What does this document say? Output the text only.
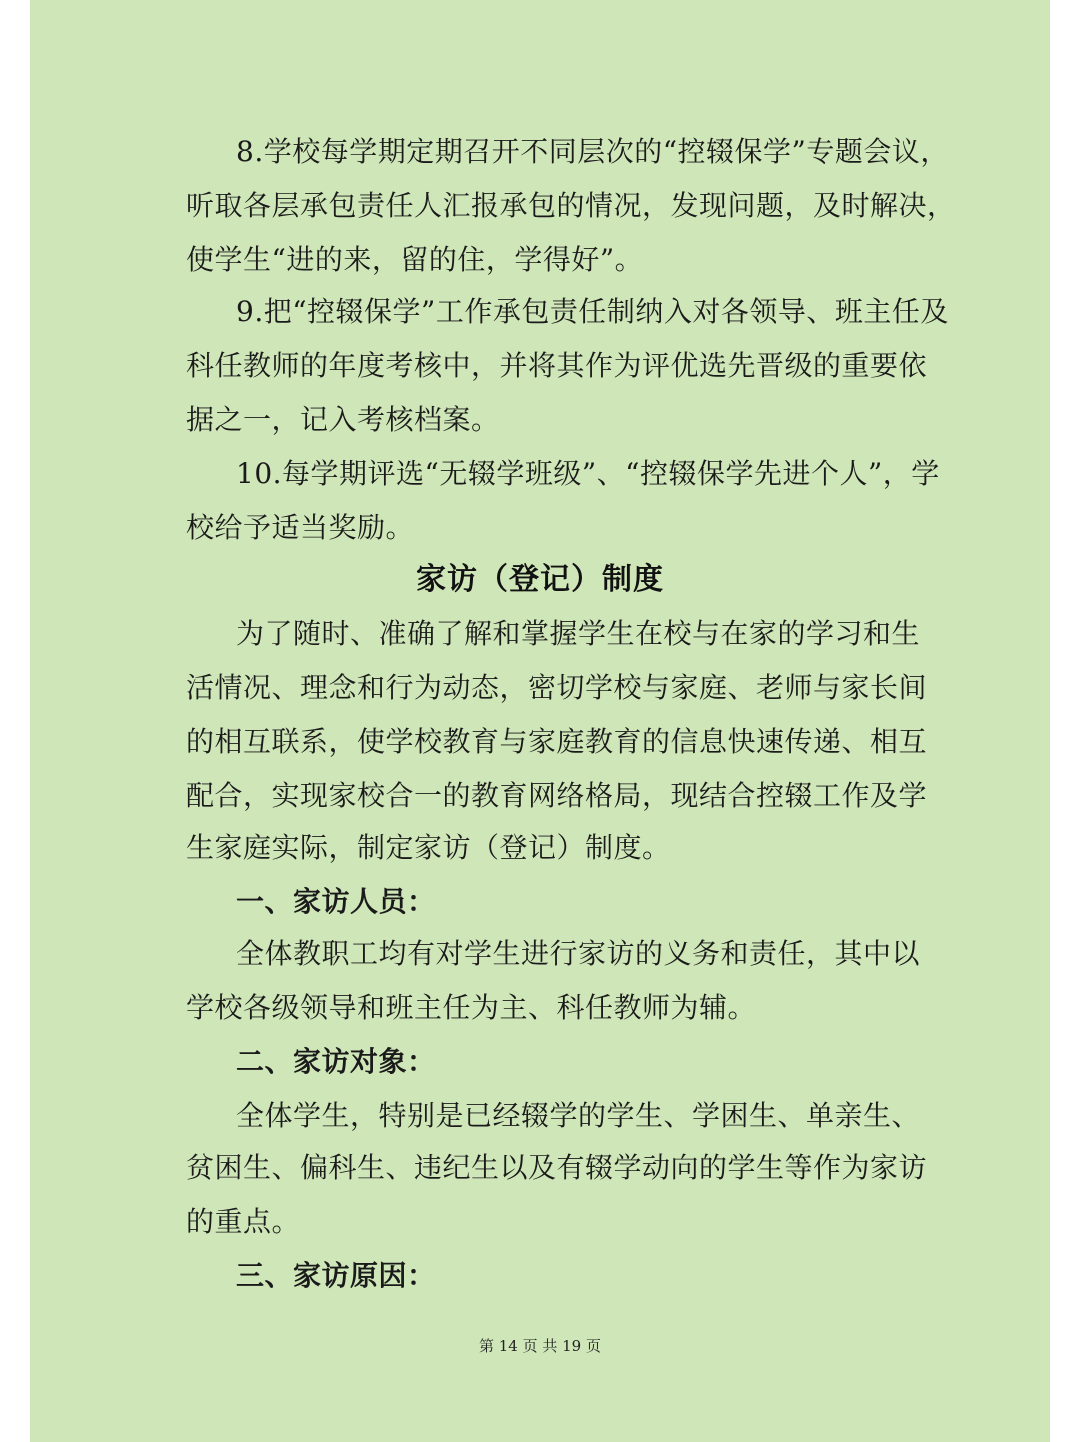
8.学校每学期定期召开不同层次的“控辍保学”专题会议，

听取各层承包责任人汇报承包的情况，发现问题，及时解决，

使学生“进的来，留的住，学得好”。

9.把“控辍保学”工作承包责任制纳入对各领导、班主任及

科任教师的年度考核中，并将其作为评优选先晋级的重要依

据之一，记入考核档案。

10.每学期评选“无辍学班级”、“控辍保学先进个人”，学

校给予适当奖励。

家访（登记）制度

为了随时、准确了解和掌握学生在校与在家的学习和生

活情况、理念和行为动态，密切学校与家庭、老师与家长间

的相互联系，使学校教育与家庭教育的信息快速传递、相互

配合，实现家校合一的教育网络格局，现结合控辍工作及学

生家庭实际，制定家访（登记）制度。

一、家访人员：

全体教职工均有对学生进行家访的义务和责任，其中以

学校各级领导和班主任为主、科任教师为辅。

二、家访对象：

全体学生，特别是已经辍学的学生、学困生、单亲生、

贫困生、偏科生、违纪生以及有辍学动向的学生等作为家访

的重点。

三、家访原因：

第 14 页 共 19 页
